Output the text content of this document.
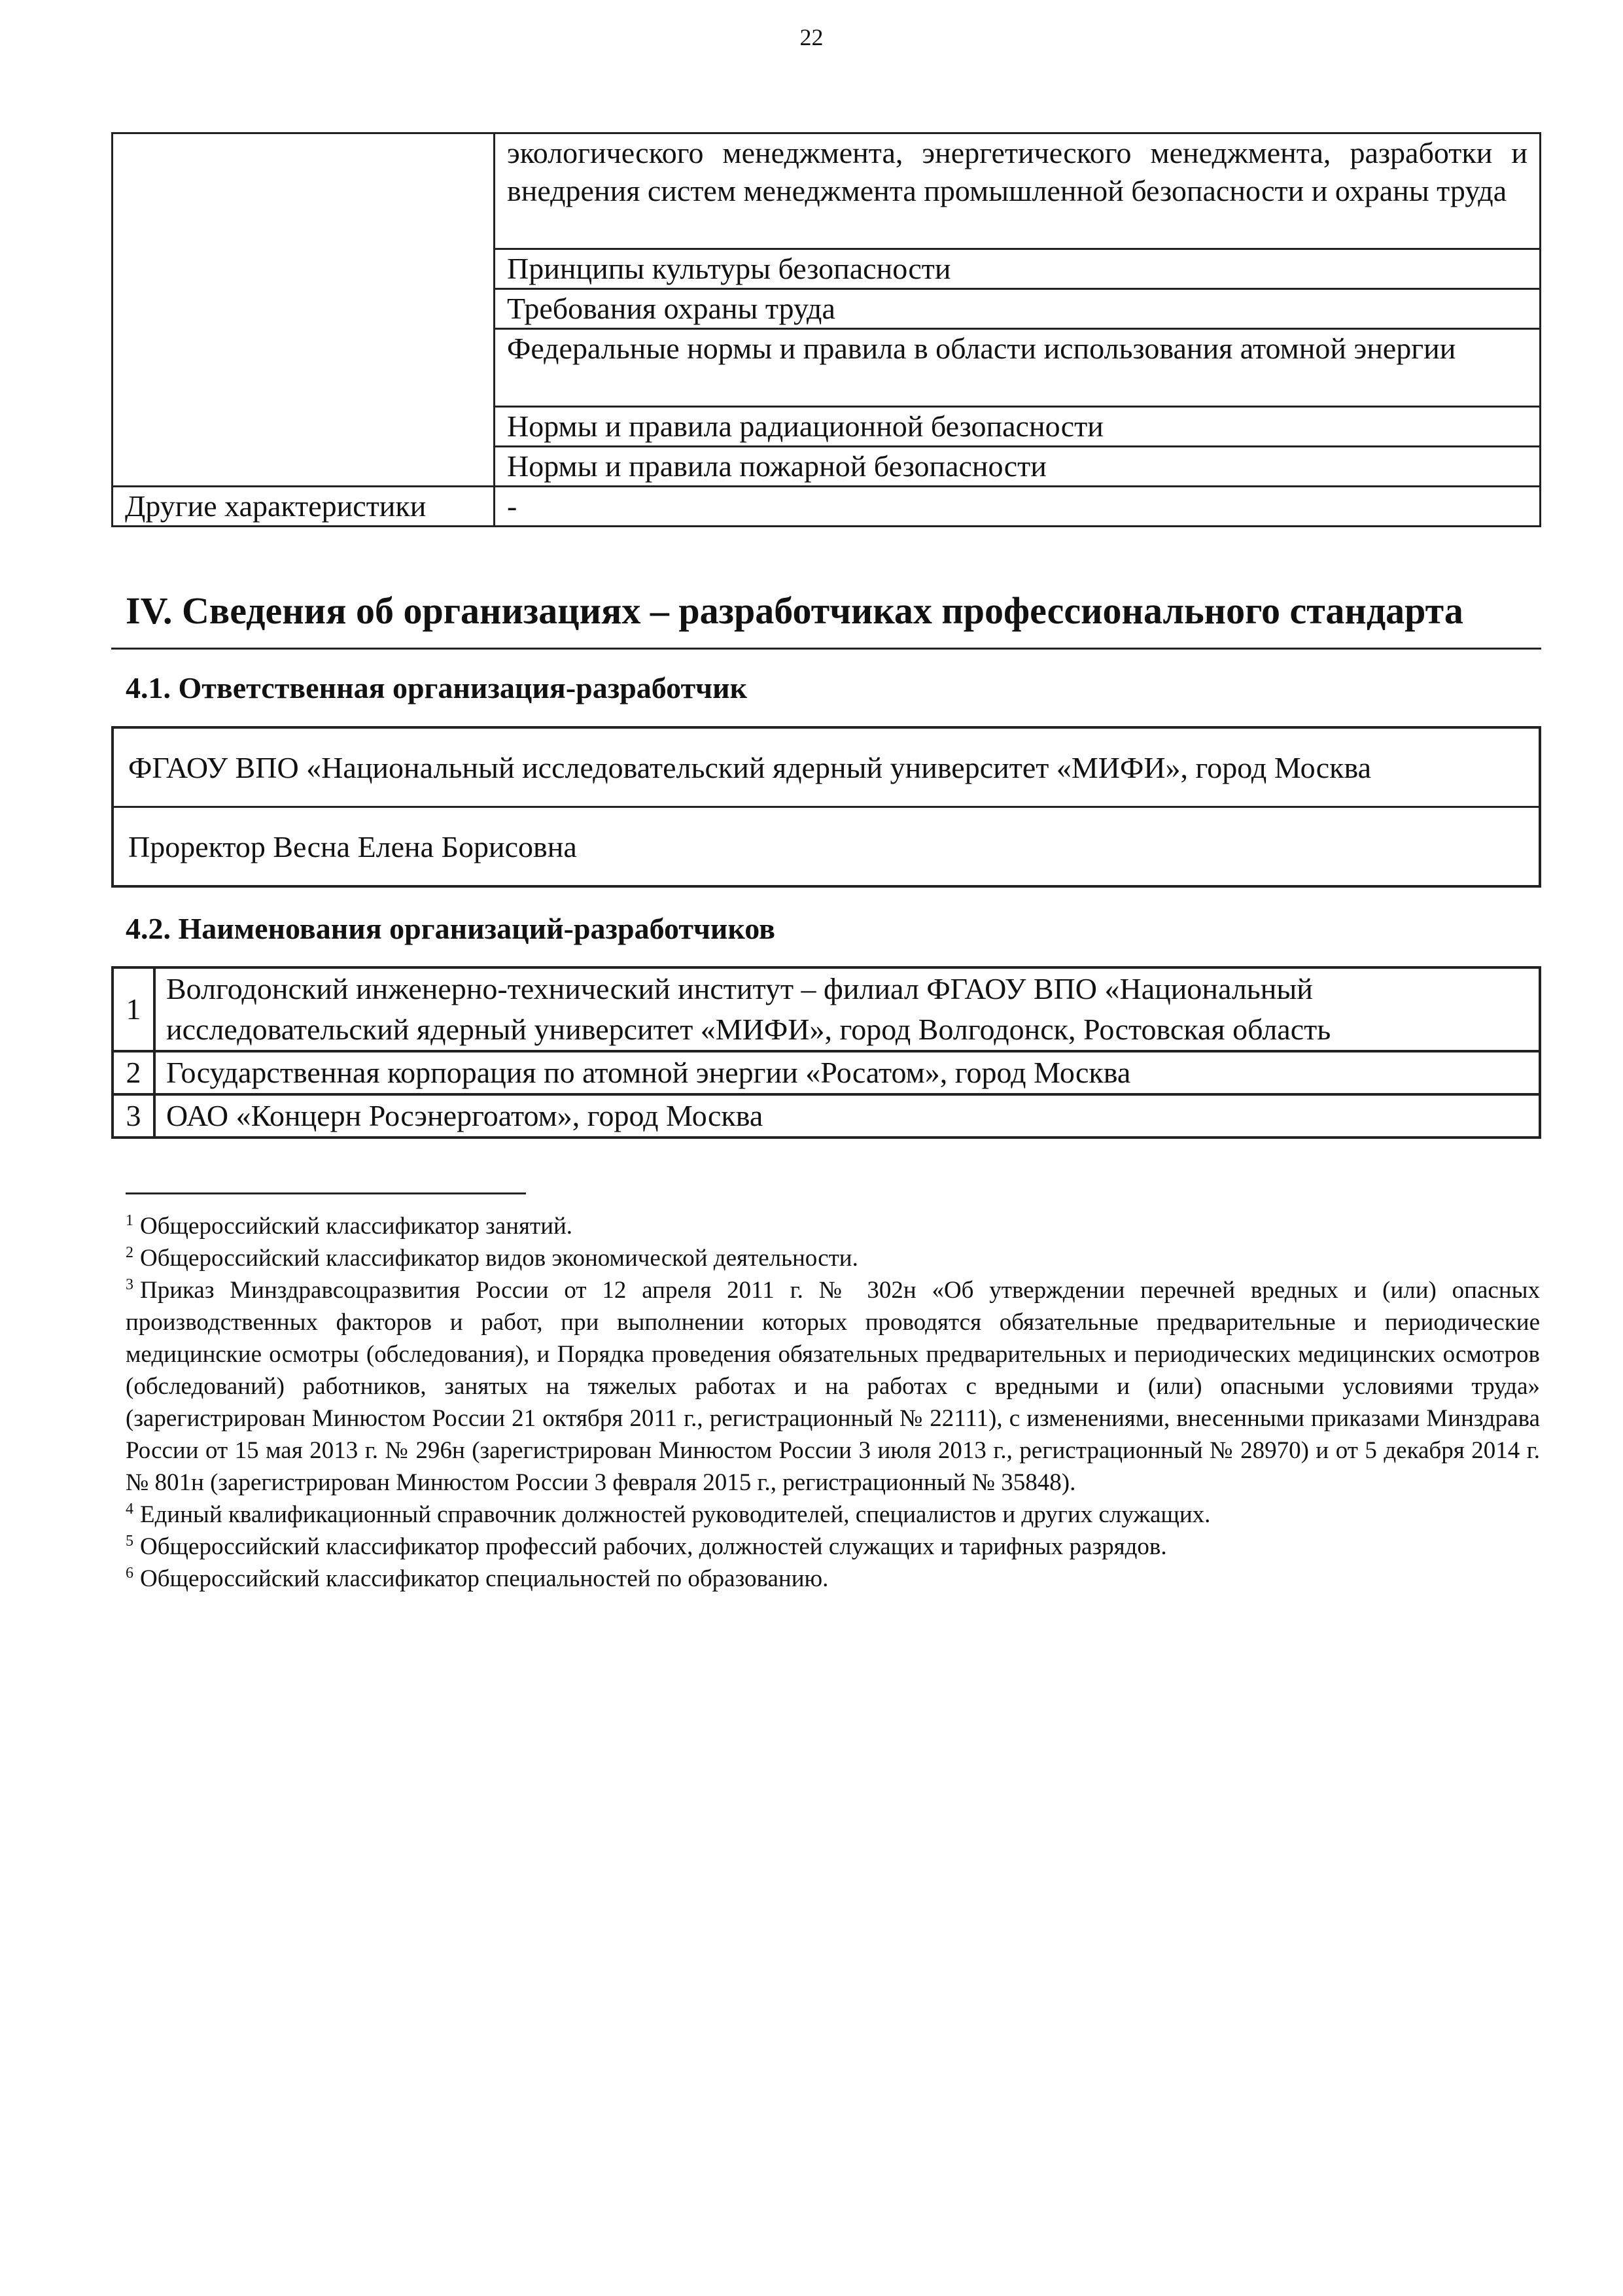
22

	экологического менеджмента, энергетического менеджмента, разработки и внедрения систем менеджмента промышленной безопасности и охраны труда

	Принципы культуры безопасности
	Требования охраны труда
	Федеральные нормы и правила в области использования атомной энергии
	Нормы и правила радиационной безопасности
	Нормы и правила пожарной безопасности
Другие характеристики	-
IV. Сведения об организациях – разработчиках профессионального стандарта
4.1. Ответственная организация-разработчик
ФГАОУ ВПО «Национальный исследовательский ядерный университет «МИФИ», город Москва
Проректор Весна Елена Борисовна
4.2. Наименования организаций-разработчиков
1	Волгодонский инженерно-технический институт – филиал ФГАОУ ВПО «Национальный исследовательский ядерный университет «МИФИ», город Волгодонск, Ростовская область
2	Государственная корпорация по атомной энергии «Росатом», город Москва
3	ОАО «Концерн Росэнергоатом», город Москва
$^1$ Общероссийский классификатор занятий.
$^2$ Общероссийский классификатор видов экономической деятельности.
$^3$ Приказ Минздравсоцразвития России от 12 апреля 2011 г. № 302н «Об утверждении перечней вредных и (или) опасных производственных факторов и работ, при выполнении которых проводятся обязательные предварительные и периодические медицинские осмотры (обследования), и Порядка проведения обязательных предварительных и периодических медицинских осмотров (обследований) работников, занятых на тяжелых работах и на работах с вредными и (или) опасными условиями труда» (зарегистрирован Минюстом России 21 октября 2011 г., регистрационный № 22111), с изменениями, внесенными приказами Минздрава России от 15 мая 2013 г. № 296н (зарегистрирован Минюстом России 3 июля 2013 г., регистрационный № 28970) и от 5 декабря 2014 г. № 801н (зарегистрирован Минюстом России 3 февраля 2015 г., регистрационный № 35848).
$^4$ Единый квалификационный справочник должностей руководителей, специалистов и других служащих.
$^5$ Общероссийский классификатор профессий рабочих, должностей служащих и тарифных разрядов.
$^6$ Общероссийский классификатор специальностей по образованию.
